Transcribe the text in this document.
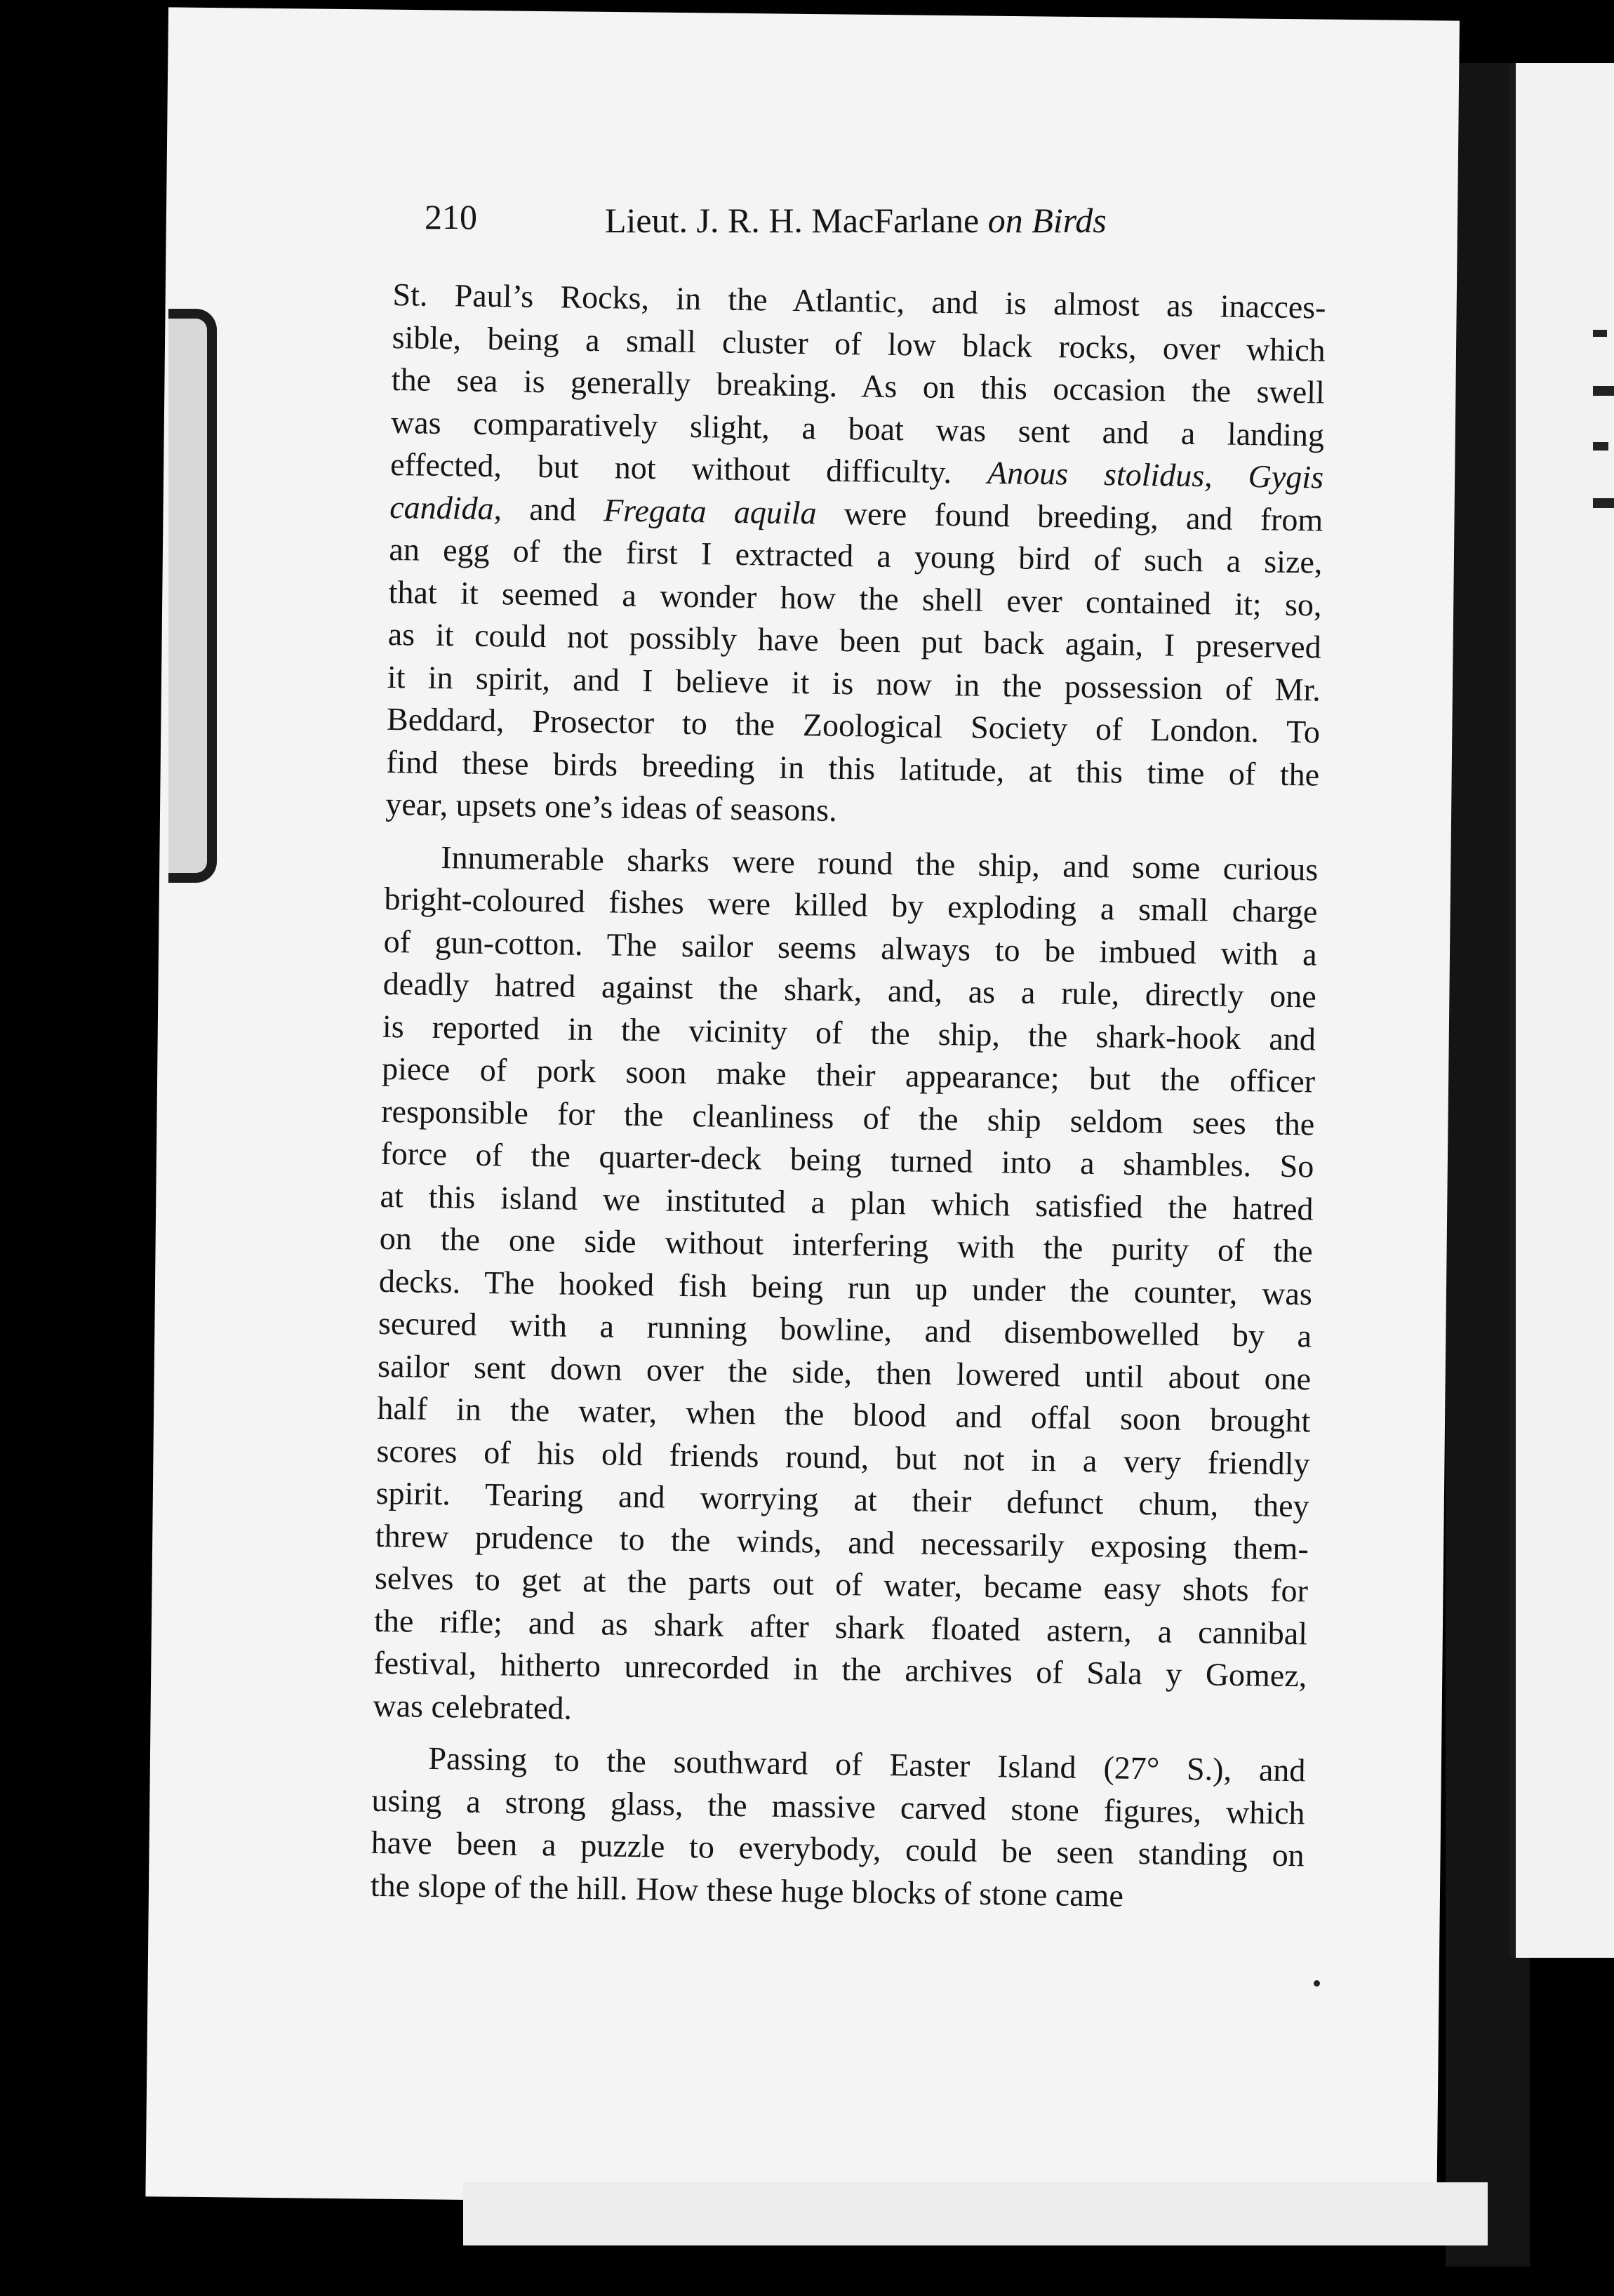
210	Lieut. J. R. H. MacFarlane on Birds
St. Paul’s Rocks, in the Atlantic, and is almost as inacces-
sible, being a small cluster of low black rocks, over which
the sea is generally breaking. As on this occasion the swell
was comparatively slight, a boat was sent and a landing
effected, but not without difficulty. Anous stolidus, Gygis
candida, and Fregata aquila were found breeding, and from
an egg of the first I extracted a young bird of such a size,
that it seemed a wonder how the shell ever contained it; so,
as it could not possibly have been put back again, I preserved
it in spirit, and I believe it is now in the possession of Mr.
Beddard, Prosector to the Zoological Society of London. To
find these birds breeding in this latitude, at this time of the
year, upsets one’s ideas of seasons.
Innumerable sharks were round the ship, and some curious
bright-coloured fishes were killed by exploding a small charge
of gun-cotton. The sailor seems always to be imbued with a
deadly hatred against the shark, and, as a rule, directly one
is reported in the vicinity of the ship, the shark-hook and
piece of pork soon make their appearance; but the officer
responsible for the cleanliness of the ship seldom sees the
force of the quarter-deck being turned into a shambles. So
at this island we instituted a plan which satisfied the hatred
on the one side without interfering with the purity of the
decks. The hooked fish being run up under the counter, was
secured with a running bowline, and disembowelled by a
sailor sent down over the side, then lowered until about one
half in the water, when the blood and offal soon brought
scores of his old friends round, but not in a very friendly
spirit. Tearing and worrying at their defunct chum, they
threw prudence to the winds, and necessarily exposing them-
selves to get at the parts out of water, became easy shots for
the rifle; and as shark after shark floated astern, a cannibal
festival, hitherto unrecorded in the archives of Sala y Gomez,
was celebrated.
Passing to the southward of Easter Island (27° S.), and
using a strong glass, the massive carved stone figures, which
have been a puzzle to everybody, could be seen standing on
the slope of the hill. How these huge blocks of stone came
